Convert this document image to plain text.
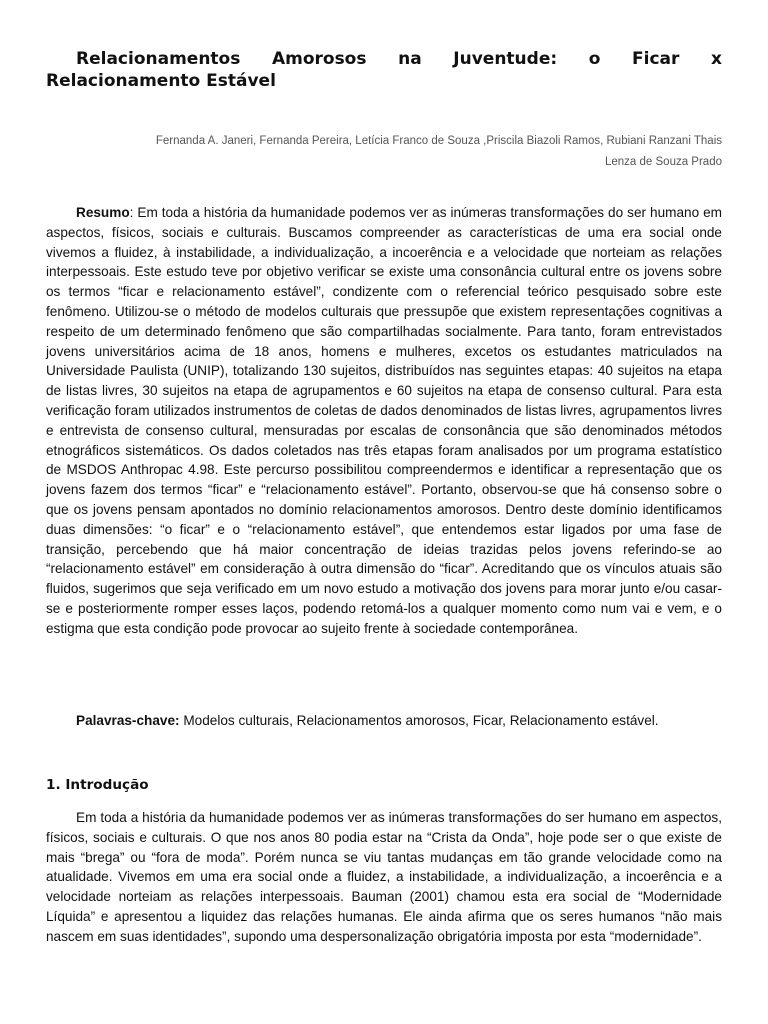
Relacionamentos Amorosos na Juventude: o Ficar x
Relacionamento Estável

Fernanda A. Janeri, Fernanda Pereira, Letícia Franco de Souza ,Priscila Biazoli Ramos, Rubiani Ranzani Thais
Lenza de Souza Prado

Resumo: Em toda a história da humanidade podemos ver as inúmeras transformações do ser humano em aspectos, físicos, sociais e culturais. Buscamos compreender as características de uma era social onde vivemos a fluidez, à instabilidade, a individualização, a incoerência e a velocidade que norteiam as relações interpessoais. Este estudo teve por objetivo verificar se existe uma consonância cultural entre os jovens sobre os termos “ficar e relacionamento estável”, condizente com o referencial teórico pesquisado sobre este fenômeno. Utilizou-se o método de modelos culturais que pressupõe que existem representações cognitivas a respeito de um determinado fenômeno que são compartilhadas socialmente. Para tanto, foram entrevistados jovens universitários acima de 18 anos, homens e mulheres, excetos os estudantes matriculados na Universidade Paulista (UNIP), totalizando 130 sujeitos, distribuídos nas seguintes etapas: 40 sujeitos na etapa de listas livres, 30 sujeitos na etapa de agrupamentos e 60 sujeitos na etapa de consenso cultural. Para esta verificação foram utilizados instrumentos de coletas de dados denominados de listas livres, agrupamentos livres e entrevista de consenso cultural, mensuradas por escalas de consonância que são denominados métodos etnográficos sistemáticos. Os dados coletados nas três etapas foram analisados por um programa estatístico de MSDOS Anthropac 4.98. Este percurso possibilitou compreendermos e identificar a representação que os jovens fazem dos termos “ficar” e “relacionamento estável”. Portanto, observou-se que há consenso sobre o que os jovens pensam apontados no domínio relacionamentos amorosos. Dentro deste domínio identificamos duas dimensões: “o ficar” e o “relacionamento estável”, que entendemos estar ligados por uma fase de transição, percebendo que há maior concentração de ideias trazidas pelos jovens referindo-se ao “relacionamento estável” em consideração à outra dimensão do “ficar”. Acreditando que os vínculos atuais são fluidos, sugerimos que seja verificado em um novo estudo a motivação dos jovens para morar junto e/ou casar-se e posteriormente romper esses laços, podendo retomá-los a qualquer momento como num vai e vem, e o estigma que esta condição pode provocar ao sujeito frente à sociedade contemporânea.

Palavras-chave: Modelos culturais, Relacionamentos amorosos, Ficar, Relacionamento estável.

1. Introdução

Em toda a história da humanidade podemos ver as inúmeras transformações do ser humano em aspectos, físicos, sociais e culturais. O que nos anos 80 podia estar na “Crista da Onda”, hoje pode ser o que existe de mais “brega” ou “fora de moda”. Porém nunca se viu tantas mudanças em tão grande velocidade como na atualidade. Vivemos em uma era social onde a fluidez, a instabilidade, a individualização, a incoerência e a velocidade norteiam as relações interpessoais. Bauman (2001) chamou esta era social de “Modernidade Líquida” e apresentou a liquidez das relações humanas. Ele ainda afirma que os seres humanos “não mais nascem em suas identidades”, supondo uma despersonalização obrigatória imposta por esta “modernidade”.
